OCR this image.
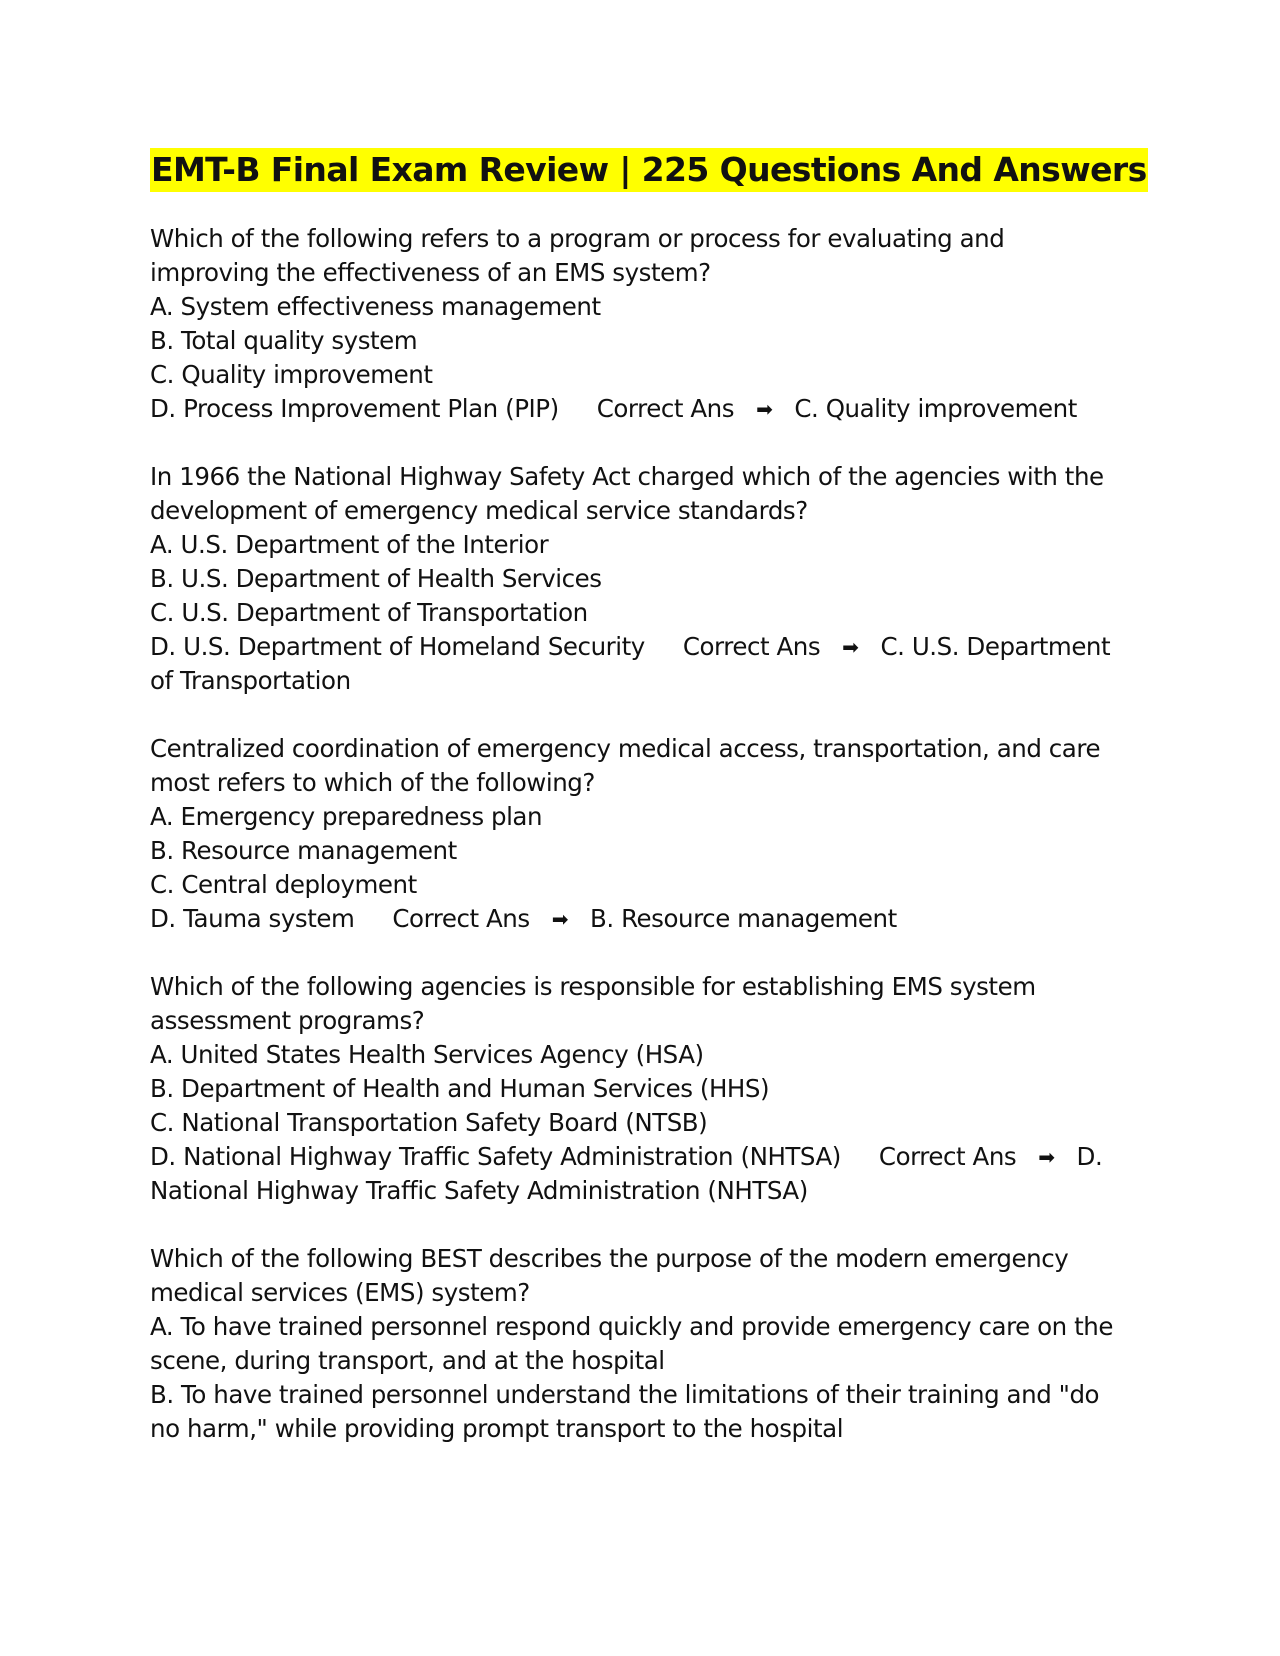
EMT-B Final Exam Review | 225 Questions And Answers

Which of the following refers to a program or process for evaluating and improving the effectiveness of an EMS system?

A. System effectiveness management

B. Total quality system

C. Quality improvement

D. Process Improvement Plan (PIP) Correct Ans ➡ C. Quality improvement

In 1966 the National Highway Safety Act charged which of the agencies with the development of emergency medical service standards?

A. U.S. Department of the Interior

B. U.S. Department of Health Services

C. U.S. Department of Transportation

D. U.S. Department of Homeland Security Correct Ans ➡ C. U.S. Department of Transportation

Centralized coordination of emergency medical access, transportation, and care most refers to which of the following?

A. Emergency preparedness plan

B. Resource management

C. Central deployment

D. Tauma system Correct Ans ➡ B. Resource management

Which of the following agencies is responsible for establishing EMS system assessment programs?

A. United States Health Services Agency (HSA)

B. Department of Health and Human Services (HHS)

C. National Transportation Safety Board (NTSB)

D. National Highway Traffic Safety Administration (NHTSA) Correct Ans ➡ D. National Highway Traffic Safety Administration (NHTSA)

Which of the following BEST describes the purpose of the modern emergency medical services (EMS) system?

A. To have trained personnel respond quickly and provide emergency care on the scene, during transport, and at the hospital

B. To have trained personnel understand the limitations of their training and "do no harm," while providing prompt transport to the hospital
